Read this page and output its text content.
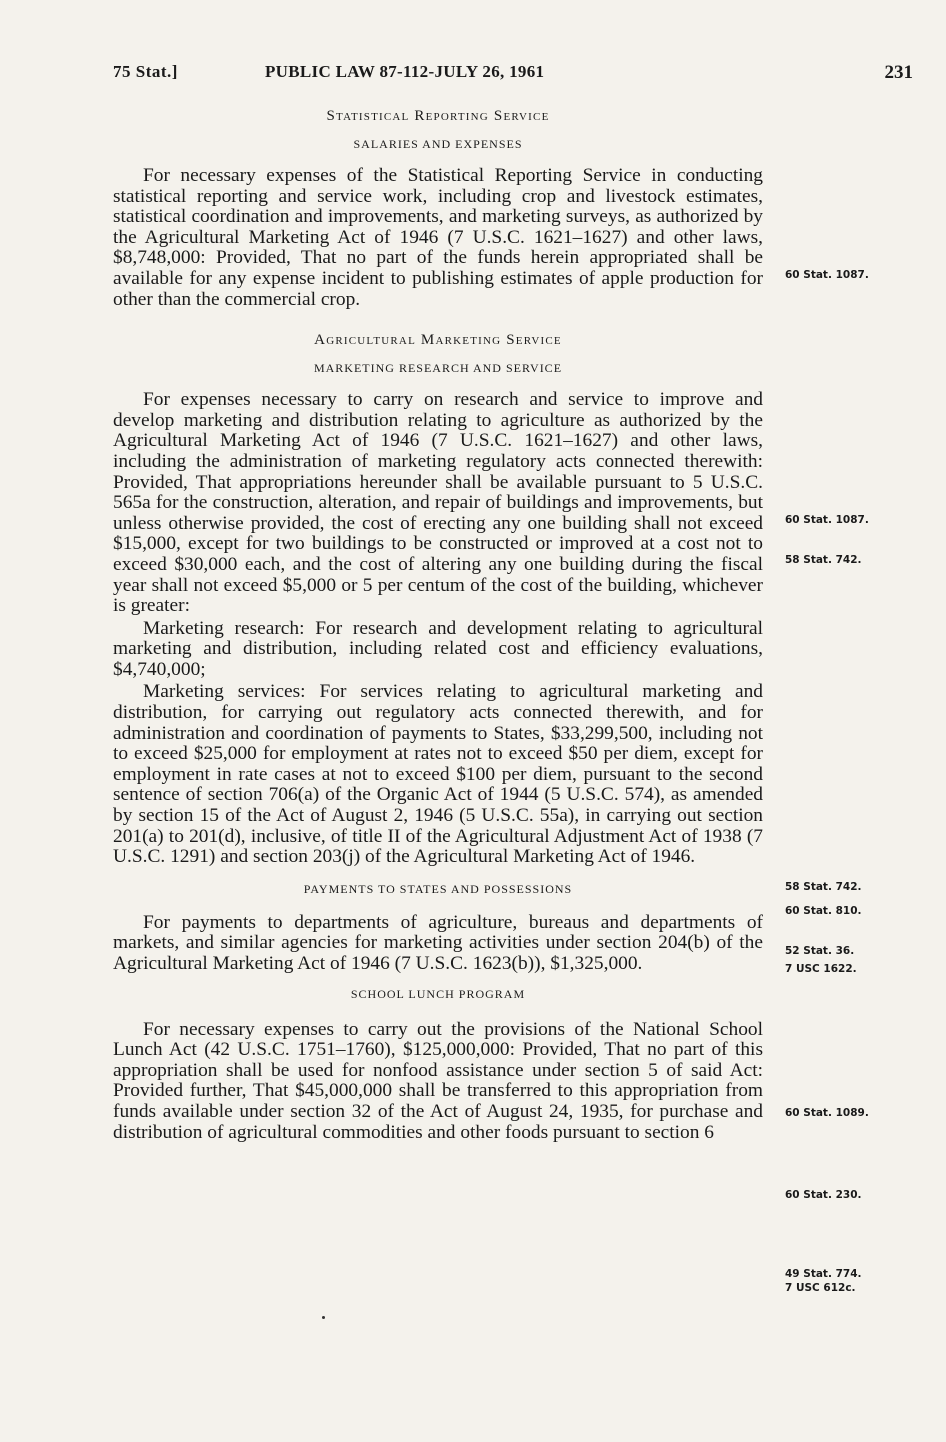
75 Stat.]	PUBLIC LAW 87-112-JULY 26, 1961	231
Statistical Reporting Service
SALARIES AND EXPENSES

For necessary expenses of the Statistical Reporting Service in conducting statistical reporting and service work, including crop and livestock estimates, statistical coordination and improvements, and marketing surveys, as authorized by the Agricultural Marketing Act of 1946 (7 U.S.C. 1621–1627) and other laws, $8,748,000: Provided, That no part of the funds herein appropriated shall be available for any expense incident to publishing estimates of apple production for other than the commercial crop.

Agricultural Marketing Service
MARKETING RESEARCH AND SERVICE

For expenses necessary to carry on research and service to improve and develop marketing and distribution relating to agriculture as authorized by the Agricultural Marketing Act of 1946 (7 U.S.C. 1621–1627) and other laws, including the administration of marketing regulatory acts connected therewith: Provided, That appropriations hereunder shall be available pursuant to 5 U.S.C. 565a for the construction, alteration, and repair of buildings and improvements, but unless otherwise provided, the cost of erecting any one building shall not exceed $15,000, except for two buildings to be constructed or improved at a cost not to exceed $30,000 each, and the cost of altering any one building during the fiscal year shall not exceed $5,000 or 5 per centum of the cost of the building, whichever is greater:

Marketing research: For research and development relating to agricultural marketing and distribution, including related cost and efficiency evaluations, $4,740,000;

Marketing services: For services relating to agricultural marketing and distribution, for carrying out regulatory acts connected therewith, and for administration and coordination of payments to States, $33,299,500, including not to exceed $25,000 for employment at rates not to exceed $50 per diem, except for employment in rate cases at not to exceed $100 per diem, pursuant to the second sentence of section 706(a) of the Organic Act of 1944 (5 U.S.C. 574), as amended by section 15 of the Act of August 2, 1946 (5 U.S.C. 55a), in carrying out section 201(a) to 201(d), inclusive, of title II of the Agricultural Adjustment Act of 1938 (7 U.S.C. 1291) and section 203(j) of the Agricultural Marketing Act of 1946.

PAYMENTS TO STATES AND POSSESSIONS

For payments to departments of agriculture, bureaus and departments of markets, and similar agencies for marketing activities under section 204(b) of the Agricultural Marketing Act of 1946 (7 U.S.C. 1623(b)), $1,325,000.

SCHOOL LUNCH PROGRAM

For necessary expenses to carry out the provisions of the National School Lunch Act (42 U.S.C. 1751–1760), $125,000,000: Provided, That no part of this appropriation shall be used for nonfood assistance under section 5 of said Act: Provided further, That $45,000,000 shall be transferred to this appropriation from funds available under section 32 of the Act of August 24, 1935, for purchase and distribution of agricultural commodities and other foods pursuant to section 6

60 Stat. 1087.
60 Stat. 1087.
58 Stat. 742.
58 Stat. 742.
60 Stat. 810.
52 Stat. 36.
7 USC 1622.
60 Stat. 1089.
60 Stat. 230.
49 Stat. 774.
7 USC 612c.
